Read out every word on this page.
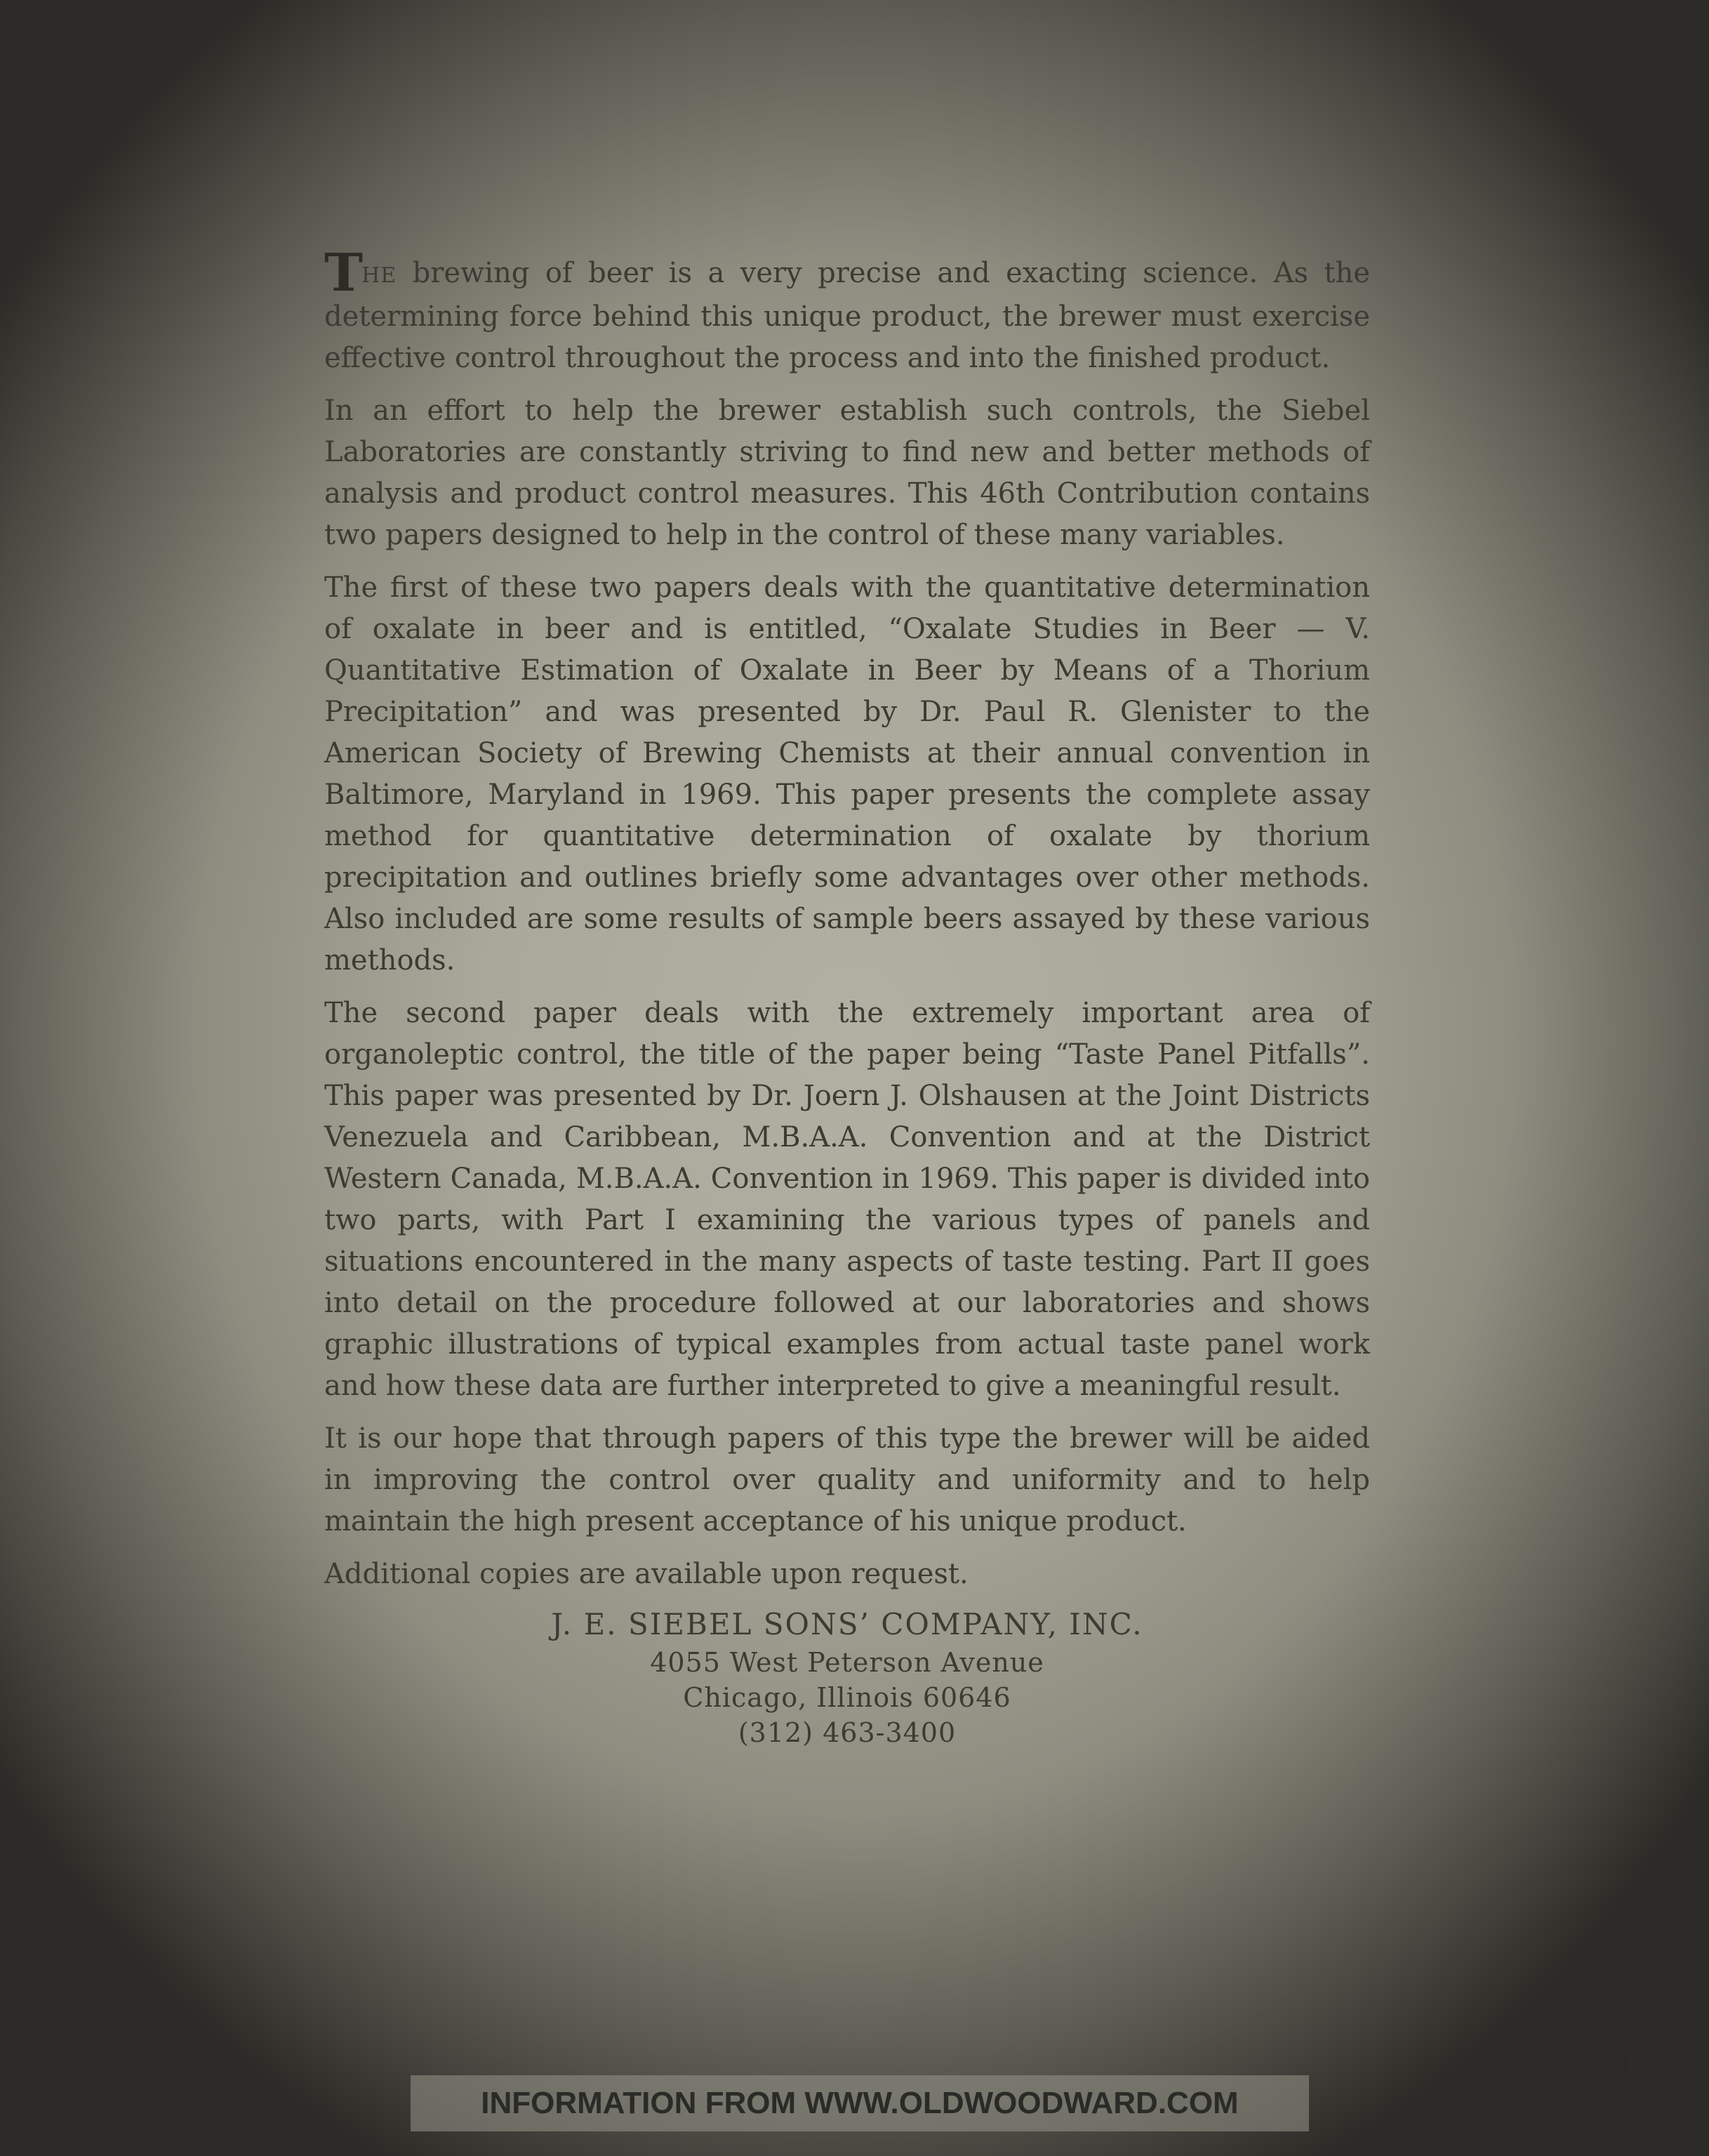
THE brewing of beer is a very precise and exacting science. As the determining force behind this unique product, the brewer must exercise effective control throughout the process and into the finished product.

In an effort to help the brewer establish such controls, the Siebel Laboratories are constantly striving to find new and better methods of analysis and product control measures. This 46th Contribution contains two papers designed to help in the control of these many variables.

The first of these two papers deals with the quantitative determination of oxalate in beer and is entitled, “Oxalate Studies in Beer — V. Quantitative Estimation of Oxalate in Beer by Means of a Thorium Precipitation” and was presented by Dr. Paul R. Glenister to the American Society of Brewing Chemists at their annual convention in Baltimore, Maryland in 1969. This paper presents the complete assay method for quantitative determination of oxalate by thorium precipitation and outlines briefly some advantages over other methods. Also included are some results of sample beers assayed by these various methods.

The second paper deals with the extremely important area of organoleptic control, the title of the paper being “Taste Panel Pitfalls”. This paper was presented by Dr. Joern J. Olshausen at the Joint Districts Venezuela and Caribbean, M.B.A.A. Convention and at the District Western Canada, M.B.A.A. Convention in 1969. This paper is divided into two parts, with Part I examining the various types of panels and situations encountered in the many aspects of taste testing. Part II goes into detail on the procedure followed at our laboratories and shows graphic illustrations of typical examples from actual taste panel work and how these data are further interpreted to give a meaningful result.

It is our hope that through papers of this type the brewer will be aided in improving the control over quality and uniformity and to help maintain the high present acceptance of his unique product.

Additional copies are available upon request.

J. E. SIEBEL SONS’ COMPANY, INC.
4055 West Peterson Avenue
Chicago, Illinois 60646
(312) 463-3400
1
INFORMATION FROM WWW.OLDWOODWARD.COM
